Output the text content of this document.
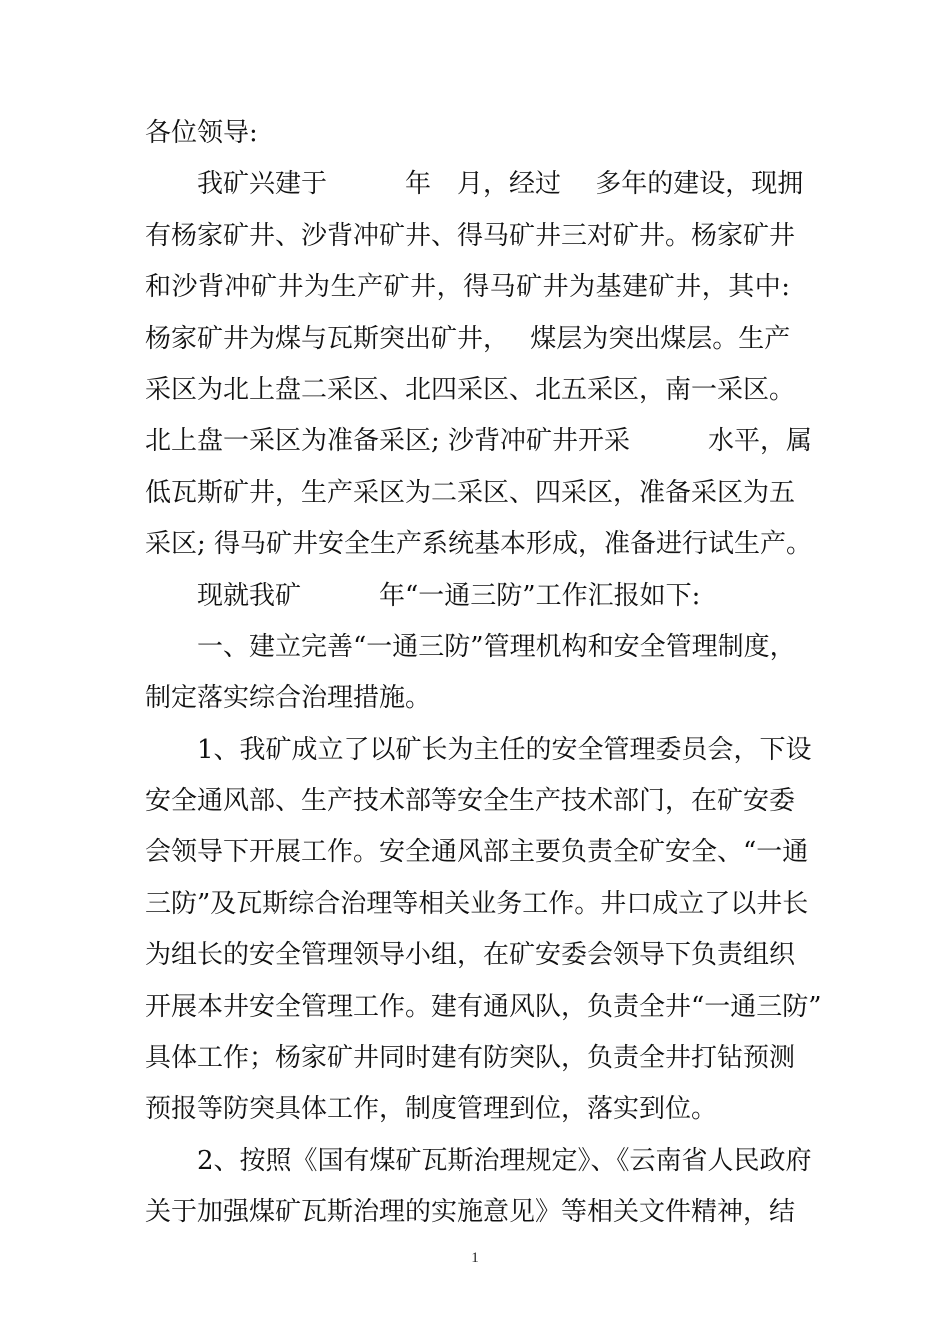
各位领导:
我矿兴建于　　　年　月，经过　 多年的建设，现拥
有杨家矿井、沙背冲矿井、得马矿井三对矿井。杨家矿井
和沙背冲矿井为生产矿井，得马矿井为基建矿井，其中:
杨家矿井为煤与瓦斯突出矿井，　 煤层为突出煤层。生产
采区为北上盘二采区、北四采区、北五采区，南一采区。
北上盘一采区为准备采区; 沙背冲矿井开采　　　水平，属
低瓦斯矿井，生产采区为二采区、四采区，准备采区为五
采区; 得马矿井安全生产系统基本形成，准备进行试生产。
现就我矿　　　年“一通三防”工作汇报如下:
一、建立完善“一通三防”管理机构和安全管理制度，
制定落实综合治理措施。
1、我矿成立了以矿长为主任的安全管理委员会，下设
安全通风部、生产技术部等安全生产技术部门，在矿安委
会领导下开展工作。安全通风部主要负责全矿安全、“一通
三防”及瓦斯综合治理等相关业务工作。井口成立了以井长
为组长的安全管理领导小组，在矿安委会领导下负责组织
开展本井安全管理工作。建有通风队，负责全井“一通三防”
具体工作；杨家矿井同时建有防突队，负责全井打钻预测
预报等防突具体工作，制度管理到位，落实到位。
2、按照《国有煤矿瓦斯治理规定》、《云南省人民政府
关于加强煤矿瓦斯治理的实施意见》等相关文件精神，结
1
